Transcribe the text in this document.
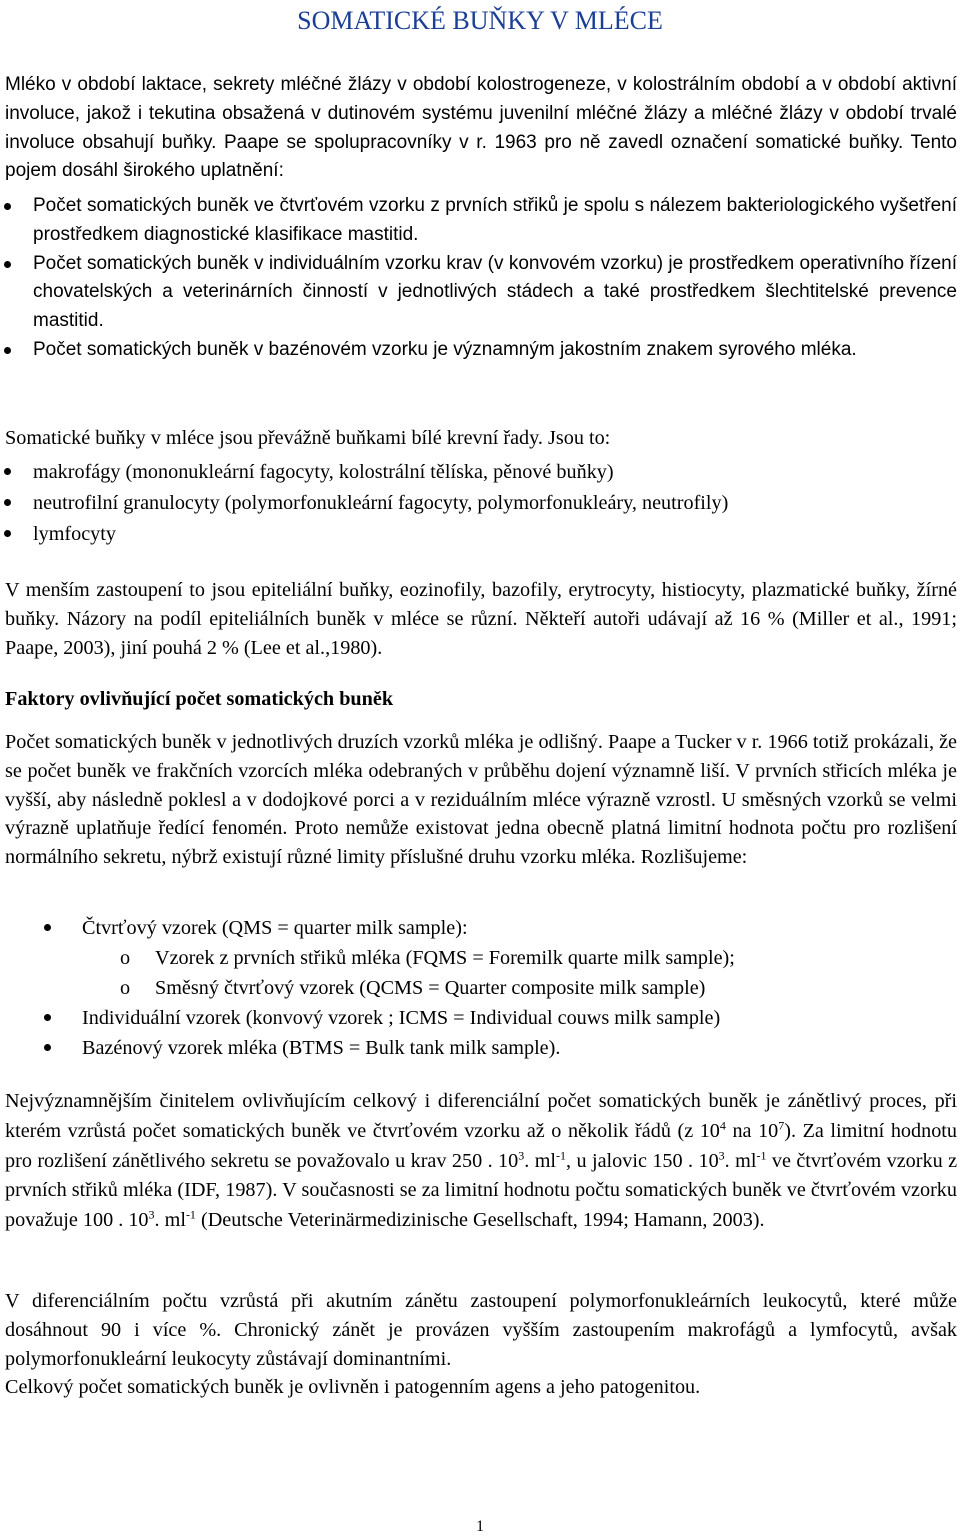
SOMATICKÉ BUŇKY V MLÉCE
Mléko v období laktace, sekrety mléčné žlázy v období kolostrogeneze, v kolostrálním období a v období aktivní involuce, jakož i tekutina obsažená v dutinovém systému juvenilní mléčné žlázy a mléčné žlázy v období trvalé involuce obsahují buňky. Paape se spolupracovníky v r. 1963 pro ně zavedl označení somatické buňky. Tento pojem dosáhl širokého uplatnění:
Počet somatických buněk ve čtvrťovém vzorku z prvních střiků je spolu s nálezem bakteriologického vyšetření prostředkem diagnostické klasifikace mastitid.
Počet somatických buněk v individuálním vzorku krav (v konvovém vzorku) je prostředkem operativního řízení chovatelských a veterinárních činností v jednotlivých stádech a také prostředkem šlechtitelské prevence mastitid.
Počet somatických buněk v bazénovém vzorku je významným jakostním znakem syrového mléka.
Somatické buňky v mléce jsou převážně buňkami bílé krevní řady. Jsou to:
makrofágy (mononukleární fagocyty, kolostrální tělíska, pěnové buňky)
neutrofilní granulocyty (polymorfonukleární fagocyty, polymorfonukleáry, neutrofily)
lymfocyty
V menším zastoupení to jsou epiteliální buňky, eozinofily, bazofily, erytrocyty, histiocyty, plazmatické buňky, žírné buňky. Názory na podíl epiteliálních buněk v mléce se různí. Někteří autoři udávají až 16 % (Miller et al., 1991; Paape, 2003), jiní pouhá 2 % (Lee et al.,1980).
Faktory ovlivňující počet somatických buněk
Počet somatických buněk v jednotlivých druzích vzorků mléka je odlišný. Paape a Tucker v r. 1966 totiž prokázali, že se počet buněk ve frakčních vzorcích mléka odebraných v průběhu dojení významně liší. V prvních střicích mléka je vyšší, aby následně poklesl a v dodojkové porci a v reziduálním mléce výrazně vzrostl. U směsných vzorků se velmi výrazně uplatňuje ředící fenomén. Proto nemůže existovat jedna obecně platná limitní hodnota počtu pro rozlišení normálního sekretu, nýbrž existují různé limity příslušné druhu vzorku mléka. Rozlišujeme:
Čtvrťový vzorek (QMS = quarter milk sample):
o Vzorek z prvních střiků mléka (FQMS = Foremilk quarte milk sample);
o Směsný čtvrťový vzorek (QCMS = Quarter composite milk sample)
Individuální vzorek (konvový vzorek ; ICMS = Individual couws milk sample)
Bazénový vzorek mléka (BTMS = Bulk tank milk sample).
Nejvýznamnějším činitelem ovlivňujícím celkový i diferenciální počet somatických buněk je zánětlivý proces, při kterém vzrůstá počet somatických buněk ve čtvrťovém vzorku až o několik řádů (z $10^4$ na $10^7$). Za limitní hodnotu pro rozlišení zánětlivého sekretu se považovalo u krav 250 . $10^3$. $ml^{-1}$, u jalovic 150 . $10^3$. $ml^{-1}$ ve čtvrťovém vzorku z prvních střiků mléka (IDF, 1987). V současnosti se za limitní hodnotu počtu somatických buněk ve čtvrťovém vzorku považuje 100 . $10^3$. $ml^{-1}$ (Deutsche Veterinärmedizinische Gesellschaft, 1994; Hamann, 2003).
V diferenciálním počtu vzrůstá při akutním zánětu zastoupení polymorfonukleárních leukocytů, které může dosáhnout 90 i více %. Chronický zánět je provázen vyšším zastoupením makrofágů a lymfocytů, avšak polymorfonukleární leukocyty zůstávají dominantními.
Celkový počet somatických buněk je ovlivněn i patogenním agens a jeho patogenitou.
1
